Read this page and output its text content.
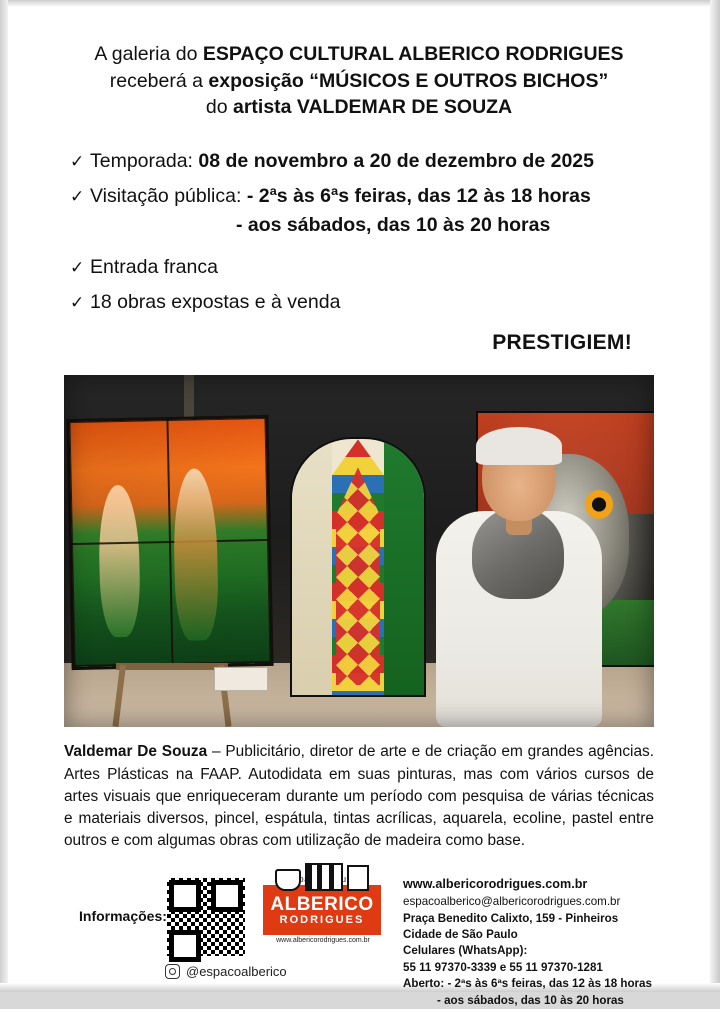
A galeria do ESPAÇO CULTURAL ALBERICO RODRIGUES
receberá a exposição “MÚSICOS E OUTROS BICHOS”
do artista VALDEMAR DE SOUZA
✓ Temporada: 08 de novembro a 20 de dezembro de 2025
✓ Visitação pública: - 2ªs às 6ªs feiras, das 12 às 18 horas
- aos sábados, das 10 às 20 horas
✓ Entrada franca
✓ 18 obras expostas e à venda
PRESTIGIEM!
Valdemar De Souza – Publicitário, diretor de arte e de criação em grandes agências. Artes Plásticas na FAAP. Autodidata em suas pinturas, mas com vários cursos de artes visuais que enriqueceram durante um período com pesquisa de várias técnicas e materiais diversos, pincel, espátula, tintas acrílicas, aquarela, ecoline, pastel entre outros e com algumas obras com utilização de madeira como base.
Informações:
@espacoalberico
ALBERICO
RODRIGUES
www.albericorodrigues.com.br
www.albericorodrigues.com.br
espacoalberico@albericorodrigues.com.br
Praça Benedito Calixto, 159 - Pinheiros
Cidade de São Paulo
Celulares (WhatsApp):
55 11 97370-3339 e 55 11 97370-1281
Aberto: - 2ªs às 6ªs feiras, das 12 às 18 horas
- aos sábados, das 10 às 20 horas
